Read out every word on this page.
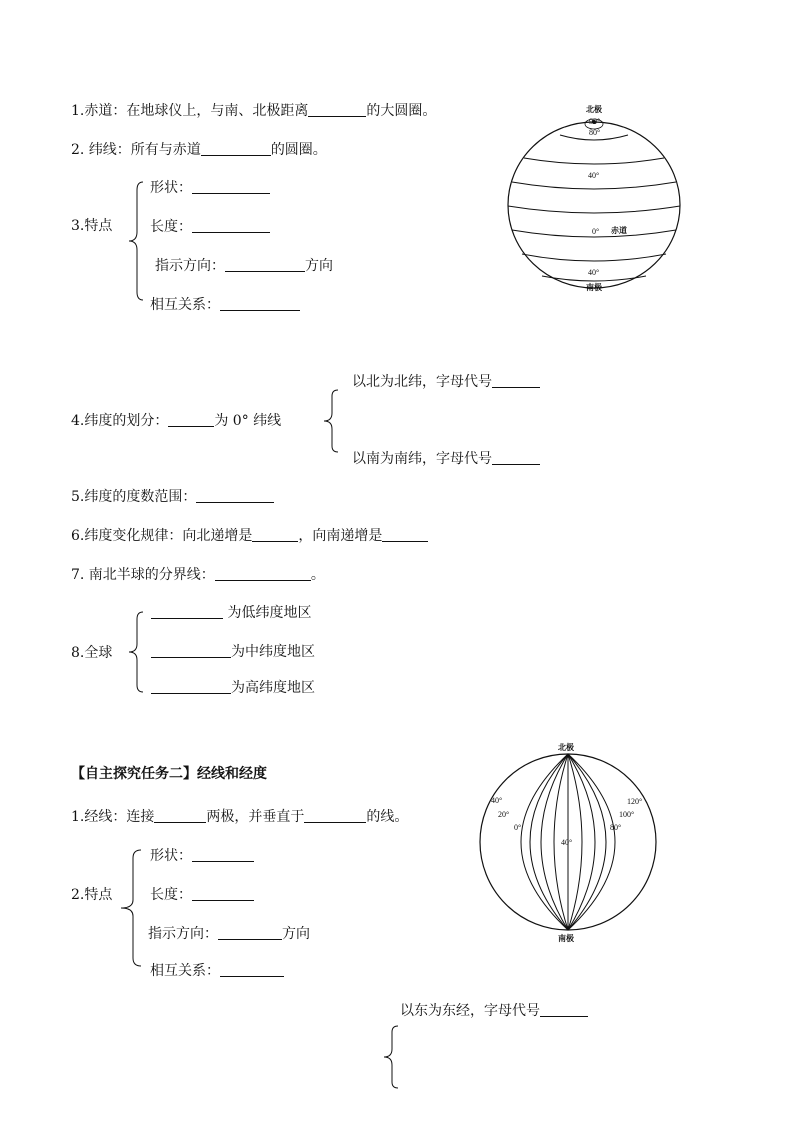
1.赤道：在地球仪上，与南、北极距离	的大圆圈。
2. 纬线：所有与赤道	的圆圈。
3.特点
形状：
长度：
指示方向：	方向
相互关系：
北极
90°
80°
40°
0° 赤道
40°
南极
4.纬度的划分：	为 0° 纬线
以北为北纬，字母代号
以南为南纬，字母代号
5.纬度的度数范围：
6.纬度变化规律：向北递增是	，向南递增是
7. 南北半球的分界线：	。
8.全球
为低纬度地区
为中纬度地区
为高纬度地区
【自主探究任务二】经线和经度
1.经线：连接	两极，并垂直于	的线。
2.特点
形状：
长度：
指示方向：	方向
相互关系：
北极
南极
40°
20°
0°
40°
80°
100°
120°
以东为东经，字母代号
